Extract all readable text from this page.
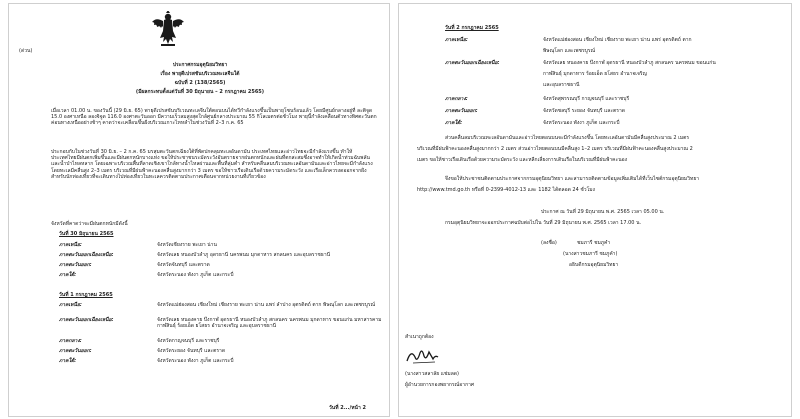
(ด่วน)
ประกาศกรมอุตุนิยมวิทยา
เรื่อง พายุดีเปรสชันบริเวณทะเลจีนใต้
ฉบับที่ 2 (138/2565)
(มีผลกระทบตั้งแต่วันที่ 30 มิถุนายน – 2 กรกฎาคม 2565)
เมื่อเวลา 01.00 น. ของวันนี้ (29 มิ.ย. 65) พายุดีเปรสชันบริเวณทะเลจีนใต้ตอนบนได้ทวีกำลังแรงขึ้นเป็นพายุโซนร้อนแล้ว โดยมีศูนย์กลางอยู่ที่ ละติจูด 15.0 องศาเหนือ ลองจิจูด 116.0 องศาตะวันออก มีความเร็วลมสูงสุดใกล้ศูนย์กลางประมาณ 55 กิโลเมตรต่อชั่วโมง พายุนี้กำลังเคลื่อนตัวทางทิศตะวันตกค่อนทางเหนืออย่างช้าๆ คาดว่าจะเคลื่อนขึ้นฝั่งบริเวณเกาะไหหลำในช่วงวันที่ 2–3 ก.ค. 65
ประกอบกับในช่วงวันที่ 30 มิ.ย. – 2 ก.ค. 65 มรสุมตะวันตกเฉียงใต้ที่พัดปกคลุมทะเลอันดามัน ประเทศไทยและอ่าวไทยจะมีกำลังแรงขึ้น ทำให้ประเทศไทยมีฝนตกเพิ่มขึ้นและมีฝนตกหนักบางแห่ง ขอให้ประชาชนระมัดระวังอันตรายจากฝนตกหนักและฝนที่ตกสะสมซึ่งอาจทำให้เกิดน้ำท่วมฉับพลันและน้ำป่าไหลหลาก โดยเฉพาะบริเวณพื้นที่ลาดเชิงเขาใกล้ทางน้ำไหลผ่านและพื้นที่ลุ่มต่ำ สำหรับคลื่นลมบริเวณทะเลอันดามันและอ่าวไทยจะมีกำลังแรง โดยทะเลมีคลื่นสูง 2–3 เมตร บริเวณที่มีฝนฟ้าคะนองคลื่นสูงมากกว่า 3 เมตร ขอให้ชาวเรือเดินเรือด้วยความระมัดระวัง และเรือเล็กควรงดออกจากฝั่ง สำหรับนักท่องเที่ยวที่จะเดินทางไปท่องเที่ยวในทะเลควรติดตามประกาศเตือนจากหน่วยงานที่เกี่ยวข้อง
จังหวัดที่คาดว่าจะมีฝนตกหนักมีดังนี้
วันที่ 30 มิถุนายน 2565
ภาคเหนือ:	จังหวัดเชียงราย พะเยา น่าน
ภาคตะวันออกเฉียงเหนือ:	จังหวัดเลย หนองบัวลำภู อุดรธานี นครพนม มุกดาหาร สกลนคร และอุบลราชธานี
ภาคตะวันออก:	จังหวัดจันทบุรี และตราด
ภาคใต้:	จังหวัดระนอง พังงา ภูเก็ต และกระบี่
วันที่ 1 กรกฎาคม 2565
ภาคเหนือ:	จังหวัดแม่ฮ่องสอน เชียงใหม่ เชียงราย พะเยา น่าน แพร่ ลำปาง อุตรดิตถ์ ตาก พิษณุโลก และเพชรบูรณ์
ภาคตะวันออกเฉียงเหนือ:	จังหวัดเลย หนองคาย บึงกาฬ อุดรธานี หนองบัวลำภู สกลนคร นครพนม มุกดาหาร ขอนแก่น มหาสารคาม กาฬสินธุ์ ร้อยเอ็ด ยโสธร อำนาจเจริญ และอุบลราชธานี
ภาคกลาง:	จังหวัดกาญจนบุรี และราชบุรี
ภาคตะวันออก:	จังหวัดระยอง จันทบุรี และตราด
ภาคใต้:	จังหวัดระนอง พังงา ภูเก็ต และกระบี่
วันที่ 2.../หน้า 2
วันที่ 2 กรกฎาคม 2565
ภาคเหนือ:	จังหวัดแม่ฮ่องสอน เชียงใหม่ เชียงราย พะเยา น่าน แพร่ อุตรดิตถ์ ตาก
พิษณุโลก และเพชรบูรณ์
ภาคตะวันออกเฉียงเหนือ:	จังหวัดเลย หนองคาย บึงกาฬ อุดรธานี หนองบัวลำภู สกลนคร นครพนม ขอนแก่น
กาฬสินธุ์ มุกดาหาร ร้อยเอ็ด ยโสธร อำนาจเจริญ
และอุบลราชธานี
ภาคกลาง:	จังหวัดสุพรรณบุรี กาญจนบุรี และราชบุรี
ภาคตะวันออก:	จังหวัดชลบุรี ระยอง จันทบุรี และตราด
ภาคใต้:	จังหวัดระนอง พังงา ภูเก็ต และกระบี่
ส่วนคลื่นลมบริเวณทะเลอันดามันและอ่าวไทยตอนบนจะมีกำลังแรงขึ้น โดยทะเลอันดามันมีคลื่นสูงประมาณ 2 เมตร
บริเวณที่มีฝนฟ้าคะนองคลื่นสูงมากกว่า 2 เมตร ส่วนอ่าวไทยตอนบนมีคลื่นสูง 1–2 เมตร บริเวณที่มีฝนฟ้าคะนองคลื่นสูงประมาณ 2
เมตร ขอให้ชาวเรือเดินเรือด้วยความระมัดระวัง และหลีกเลี่ยงการเดินเรือในบริเวณที่มีฝนฟ้าคะนอง
จึงขอให้ประชาชนติดตามประกาศจากกรมอุตุนิยมวิทยา และสามารถติดตามข้อมูลเพิ่มเติมได้ที่เว็บไซต์กรมอุตุนิยมวิทยา
http://www.tmd.go.th หรือที่ 0-2399-4012-13 และ 1182 ได้ตลอด 24 ชั่วโมง
ประกาศ ณ วันที่ 29 มิถุนายน พ.ศ. 2565 เวลา 05.00 น.
กรมอุตุนิยมวิทยาจะออกประกาศฉบับต่อไปใน วันที่ 29 มิถุนายน พ.ศ. 2565 เวลา 17.00 น.
(ลงชื่อ)	ชมภารี ชมภูคำ
(นางสาวชมภารี ชมภูคำ)
อธิบดีกรมอุตุนิยมวิทยา
สำเนาถูกต้อง
(นางสาวสลาลัย แช่มลด)
ผู้อำนวยการกองพยากรณ์อากาศ
